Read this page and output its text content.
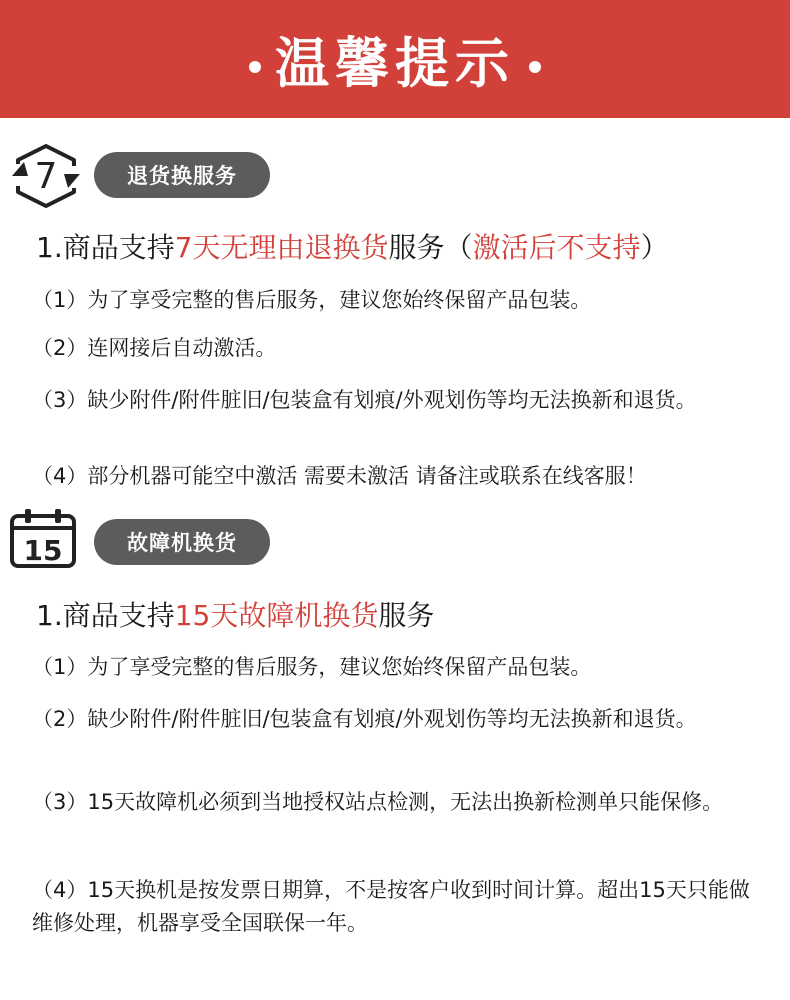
温馨提示
7	退货换服务
1.商品支持7天无理由退换货服务（激活后不支持）
（1）为了享受完整的售后服务，建议您始终保留产品包装。
（2）连网接后自动激活。
（3）缺少附件/附件脏旧/包装盒有划痕/外观划伤等均无法换新和退货。
（4）部分机器可能空中激活 需要未激活 请备注或联系在线客服！
15	故障机换货
1.商品支持15天故障机换货服务
（1）为了享受完整的售后服务，建议您始终保留产品包装。
（2）缺少附件/附件脏旧/包装盒有划痕/外观划伤等均无法换新和退货。
（3）15天故障机必须到当地授权站点检测，无法出换新检测单只能保修。
（4）15天换机是按发票日期算，不是按客户收到时间计算。超出15天只能做维修处理，机器享受全国联保一年。
